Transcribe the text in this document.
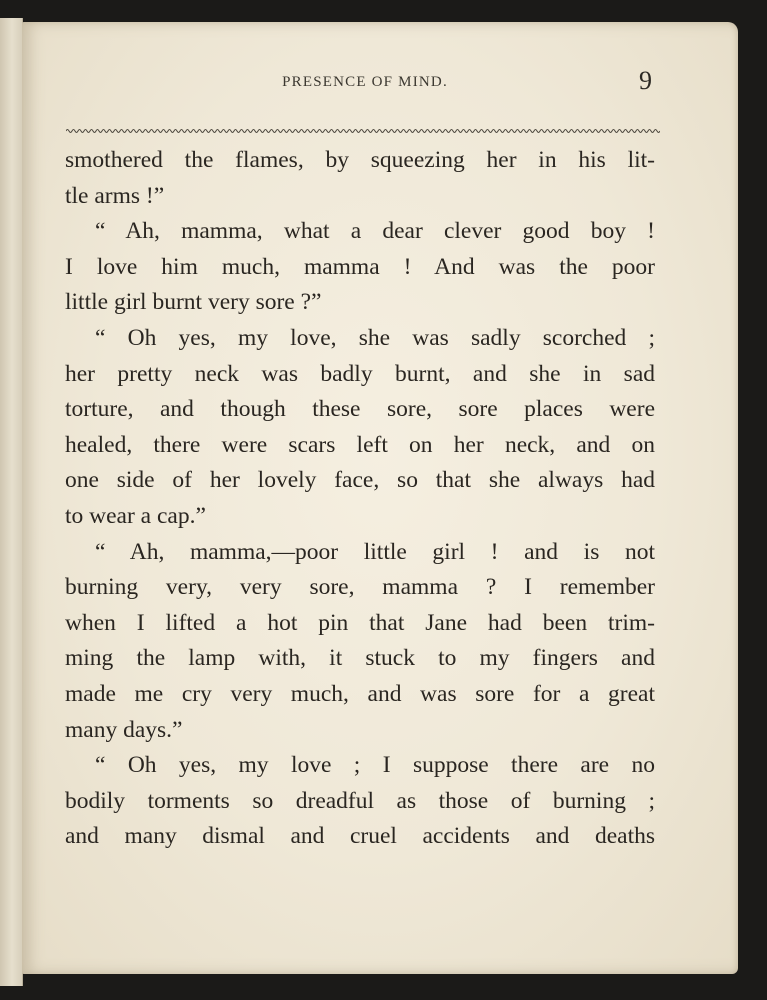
PRESENCE OF MIND.	9
smothered the flames, by squeezing her in his lit-
tle arms !”
“ Ah, mamma, what a dear clever good boy !
I love him much, mamma ! And was the poor
little girl burnt very sore ?”
“ Oh yes, my love, she was sadly scorched ;
her pretty neck was badly burnt, and she in sad
torture, and though these sore, sore places were
healed, there were scars left on her neck, and on
one side of her lovely face, so that she always had
to wear a cap.”
“ Ah, mamma,—poor little girl ! and is not
burning very, very sore, mamma ? I remember
when I lifted a hot pin that Jane had been trim-
ming the lamp with, it stuck to my fingers and
made me cry very much, and was sore for a great
many days.”
“ Oh yes, my love ; I suppose there are no
bodily torments so dreadful as those of burning ;
and many dismal and cruel accidents and deaths
